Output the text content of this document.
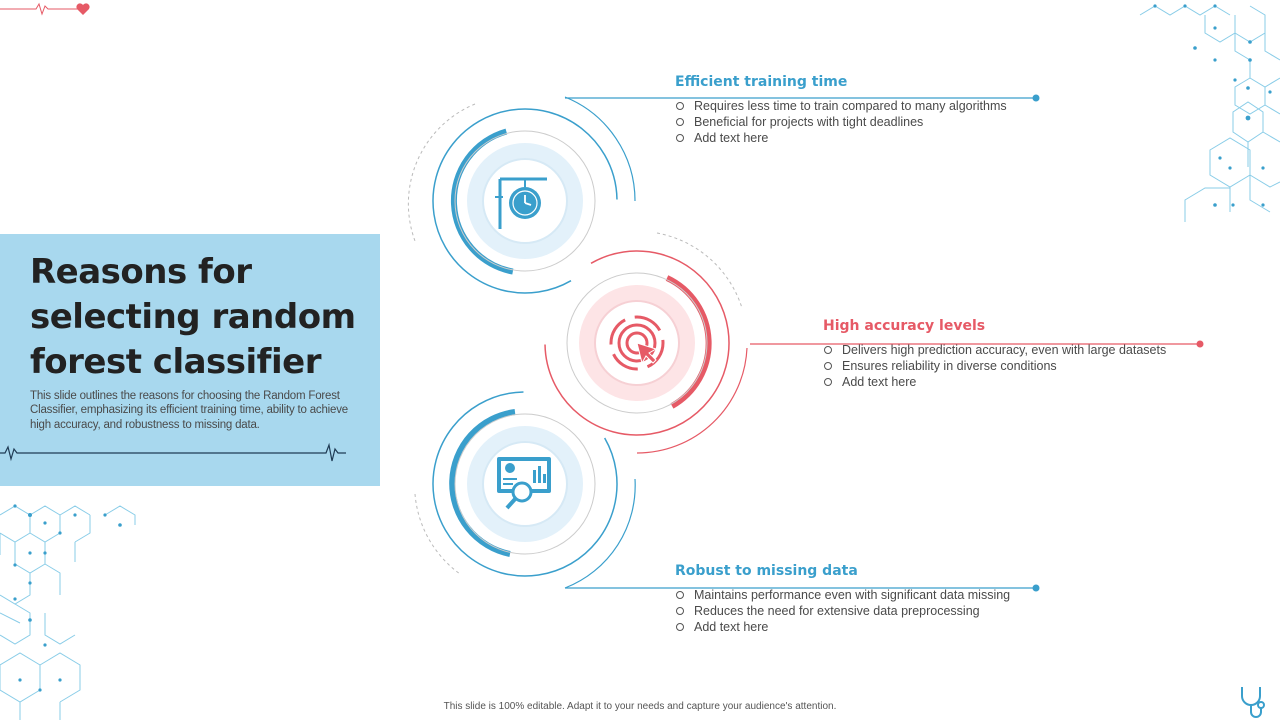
Reasons for
selecting random
forest classifier

This slide outlines the reasons for choosing the Random Forest Classifier, emphasizing its efficient training time, ability to achieve high accuracy, and robustness to missing data.

Efficient training time
Requires less time to train compared to many algorithms
Beneficial for projects with tight deadlines
Add text here
High accuracy levels
Delivers high prediction accuracy, even with large datasets
Ensures reliability in diverse conditions
Add text here
Robust to missing data
Maintains performance even with significant data missing
Reduces the need for extensive data preprocessing
Add text here
This slide is 100% editable. Adapt it to your needs and capture your audience's attention.
